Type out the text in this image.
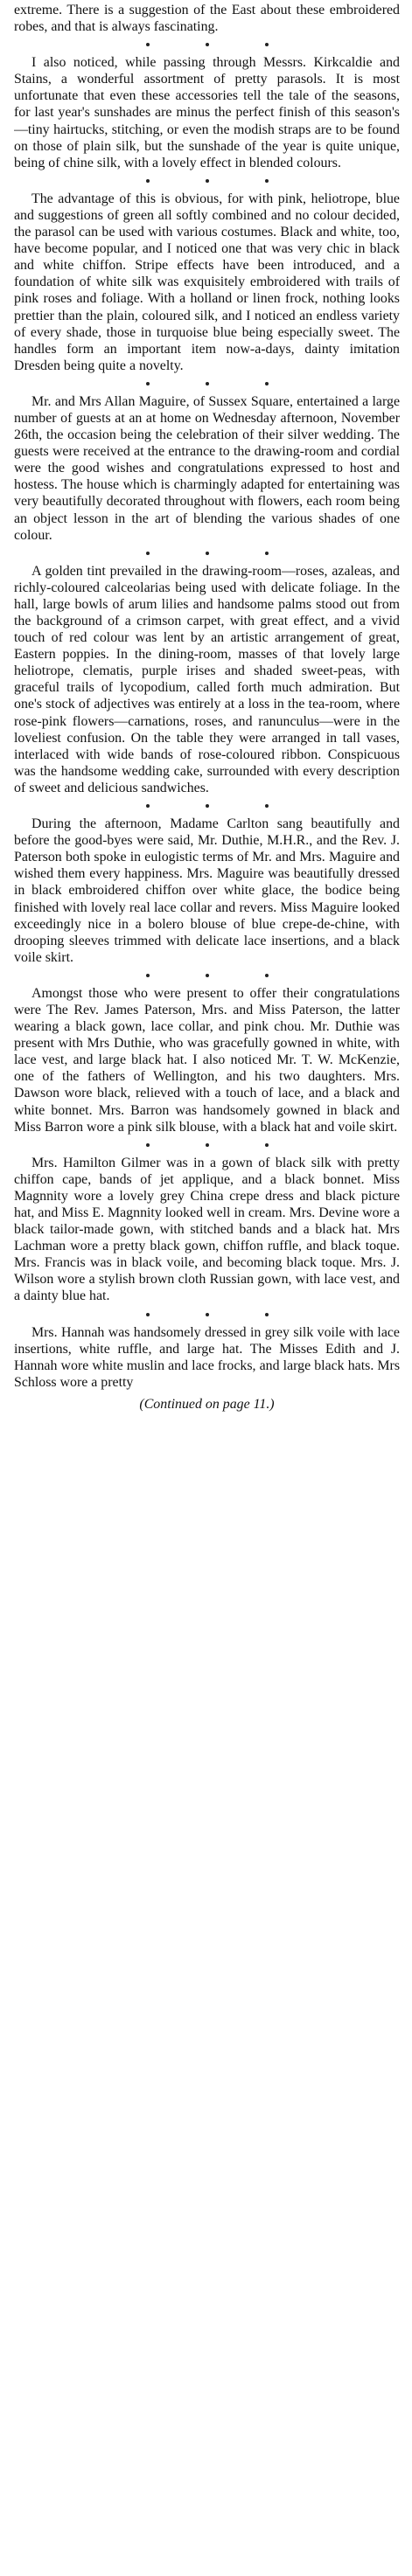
extreme. There is a suggestion of the East about these embroidered robes, and that is always fascinating.

I also noticed, while passing through Messrs. Kirkcaldie and Stains, a wonderful assortment of pretty parasols. It is most unfortunate that even these accessories tell the tale of the seasons, for last year's sunshades are minus the perfect finish of this season's—tiny hairtucks, stitching, or even the modish straps are to be found on those of plain silk, but the sunshade of the year is quite unique, being of chine silk, with a lovely effect in blended colours.

The advantage of this is obvious, for with pink, heliotrope, blue and suggestions of green all softly combined and no colour decided, the parasol can be used with various costumes. Black and white, too, have become popular, and I noticed one that was very chic in black and white chiffon. Stripe effects have been introduced, and a foundation of white silk was exquisitely embroidered with trails of pink roses and foliage. With a holland or linen frock, nothing looks prettier than the plain, coloured silk, and I noticed an endless variety of every shade, those in turquoise blue being especially sweet. The handles form an important item now-a-days, dainty imitation Dresden being quite a novelty.

Mr. and Mrs Allan Maguire, of Sussex Square, entertained a large number of guests at an at home on Wednesday afternoon, November 26th, the occasion being the celebration of their silver wedding. The guests were received at the entrance to the drawing-room and cordial were the good wishes and congratulations expressed to host and hostess. The house which is charmingly adapted for entertaining was very beautifully decorated throughout with flowers, each room being an object lesson in the art of blending the various shades of one colour.

A golden tint prevailed in the drawing-room—roses, azaleas, and richly-coloured calceolarias being used with delicate foliage. In the hall, large bowls of arum lilies and handsome palms stood out from the background of a crimson carpet, with great effect, and a vivid touch of red colour was lent by an artistic arrangement of great, Eastern poppies. In the dining-room, masses of that lovely large heliotrope, clematis, purple irises and shaded sweet-peas, with graceful trails of lycopodium, called forth much admiration. But one's stock of adjectives was entirely at a loss in the tea-room, where rose-pink flowers—carnations, roses, and ranunculus—were in the loveliest confusion. On the table they were arranged in tall vases, interlaced with wide bands of rose-coloured ribbon. Conspicuous was the handsome wedding cake, surrounded with every description of sweet and delicious sandwiches.

During the afternoon, Madame Carlton sang beautifully and before the good-byes were said, Mr. Duthie, M.H.R., and the Rev. J. Paterson both spoke in eulogistic terms of Mr. and Mrs. Maguire and wished them every happiness. Mrs. Maguire was beautifully dressed in black embroidered chiffon over white glace, the bodice being finished with lovely real lace collar and revers. Miss Maguire looked exceedingly nice in a bolero blouse of blue crepe-de-chine, with drooping sleeves trimmed with delicate lace insertions, and a black voile skirt.

Amongst those who were present to offer their congratulations were The Rev. James Paterson, Mrs. and Miss Paterson, the latter wearing a black gown, lace collar, and pink chou. Mr. Duthie was present with Mrs Duthie, who was gracefully gowned in white, with lace vest, and large black hat. I also noticed Mr. T. W. McKenzie, one of the fathers of Wellington, and his two daughters. Mrs. Dawson wore black, relieved with a touch of lace, and a black and white bonnet. Mrs. Barron was handsomely gowned in black and Miss Barron wore a pink silk blouse, with a black hat and voile skirt.

Mrs. Hamilton Gilmer was in a gown of black silk with pretty chiffon cape, bands of jet applique, and a black bonnet. Miss Magnnity wore a lovely grey China crepe dress and black picture hat, and Miss E. Magnnity looked well in cream. Mrs. Devine wore a black tailor-made gown, with stitched bands and a black hat. Mrs Lachman wore a pretty black gown, chiffon ruffle, and black toque. Mrs. Francis was in black voile, and becoming black toque. Mrs. J. Wilson wore a stylish brown cloth Russian gown, with lace vest, and a dainty blue hat.

Mrs. Hannah was handsomely dressed in grey silk voile with lace insertions, white ruffle, and large hat. The Misses Edith and J. Hannah wore white muslin and lace frocks, and large black hats. Mrs Schloss wore a pretty

(Continued on page 11.)
